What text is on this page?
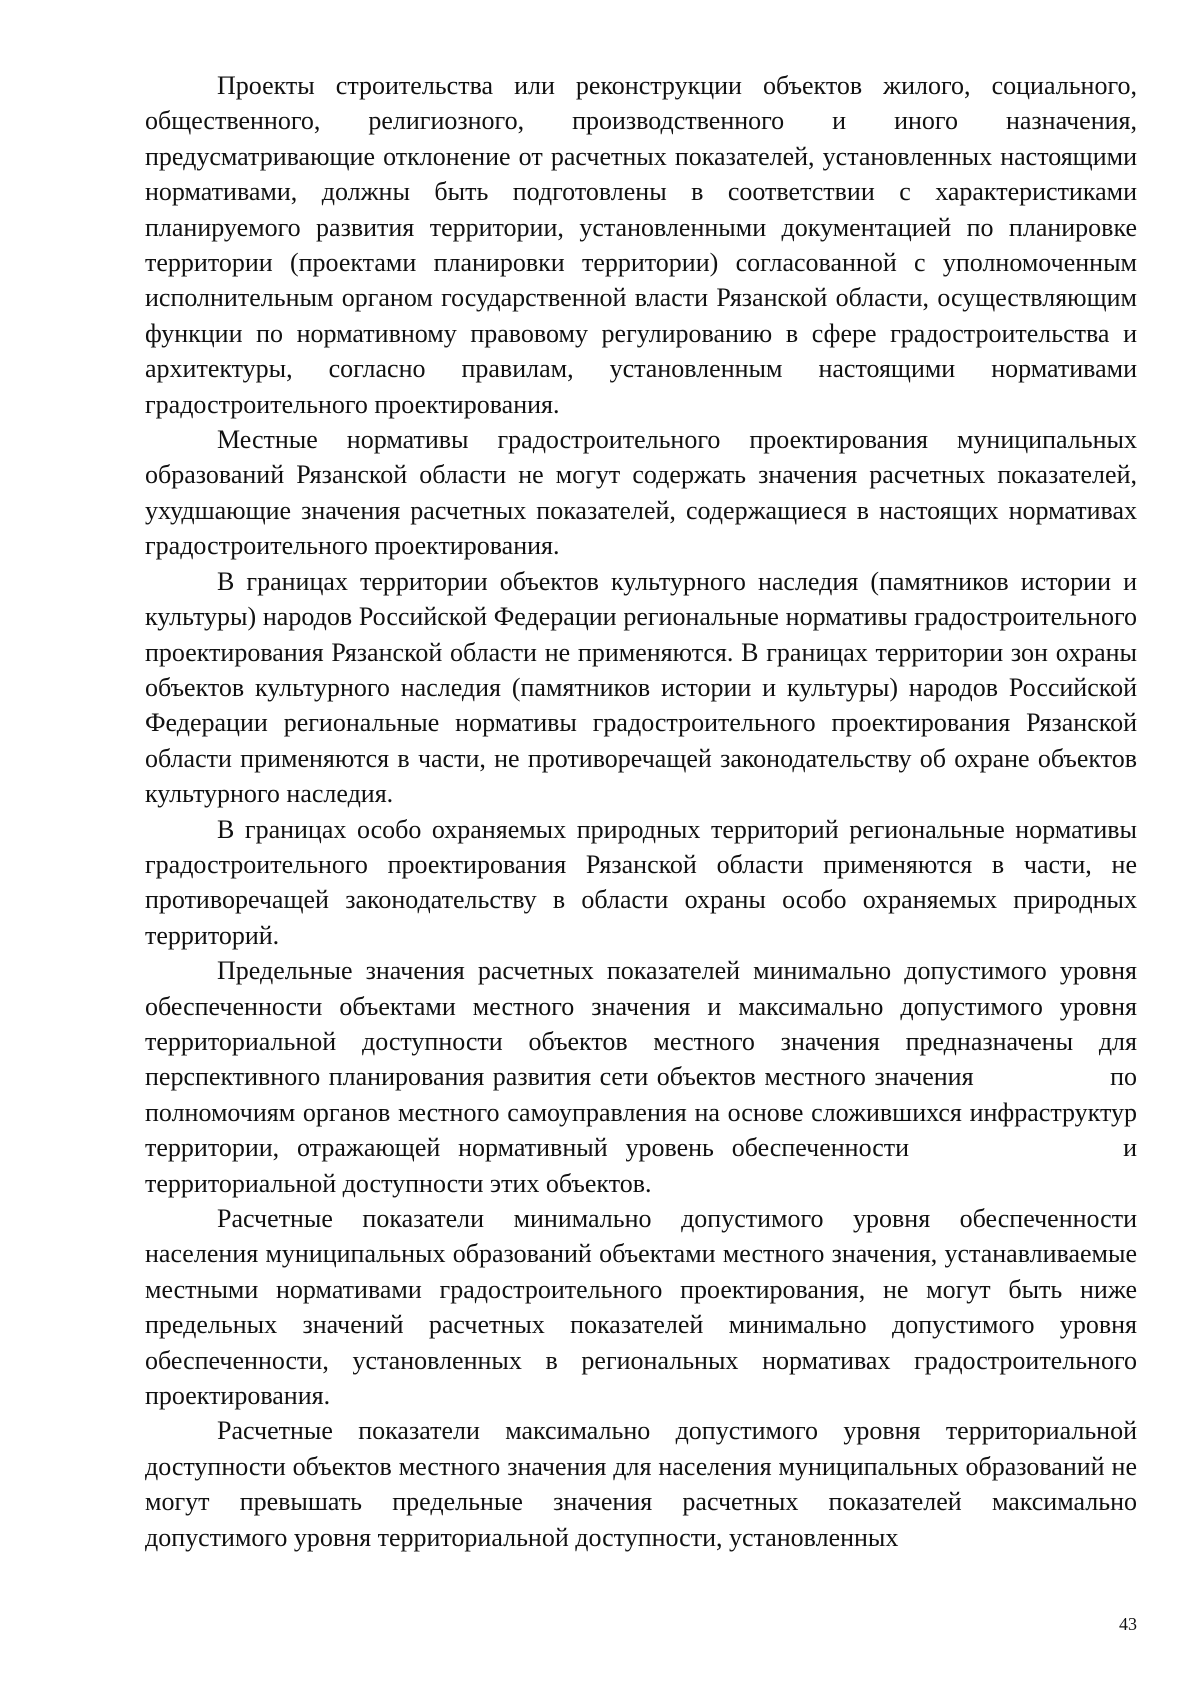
Проекты строительства или реконструкции объектов жилого, социального, общественного, религиозного, производственного и иного назначения, предусматривающие отклонение от расчетных показателей, установленных настоящими нормативами, должны быть подготовлены в соответствии с характеристиками планируемого развития территории, установленными документацией по планировке территории (проектами планировки территории) согласованной с уполномоченным исполнительным органом государственной власти Рязанской области, осуществляющим функции по нормативному правовому регулированию в сфере градостроительства и архитектуры, согласно правилам, установленным настоящими нормативами градостроительного проектирования.

Местные нормативы градостроительного проектирования муниципальных образований Рязанской области не могут содержать значения расчетных показателей, ухудшающие значения расчетных показателей, содержащиеся в настоящих нормативах градостроительного проектирования.

В границах территории объектов культурного наследия (памятников истории и культуры) народов Российской Федерации региональные нормативы градостроительного проектирования Рязанской области не применяются. В границах территории зон охраны объектов культурного наследия (памятников истории и культуры) народов Российской Федерации региональные нормативы градостроительного проектирования Рязанской области применяются в части, не противоречащей законодательству об охране объектов культурного наследия.

В границах особо охраняемых природных территорий региональные нормативы градостроительного проектирования Рязанской области применяются в части, не противоречащей законодательству в области охраны особо охраняемых природных территорий.

Предельные значения расчетных показателей минимально допустимого уровня обеспеченности объектами местного значения и максимально допустимого уровня территориальной доступности объектов местного значения предназначены для перспективного планирования развития сети объектов местного значения                по полномочиям органов местного самоуправления на основе сложившихся инфраструктур территории, отражающей нормативный уровень обеспеченности            и территориальной доступности этих объектов.

Расчетные показатели минимально допустимого уровня обеспеченности населения муниципальных образований объектами местного значения, устанавливаемые местными нормативами градостроительного проектирования, не могут быть ниже предельных значений расчетных показателей минимально допустимого уровня обеспеченности, установленных в региональных нормативах градостроительного проектирования.

Расчетные показатели максимально допустимого уровня территориальной доступности объектов местного значения для населения муниципальных образований не могут превышать предельные значения расчетных показателей максимально допустимого уровня территориальной доступности, установленных

43
